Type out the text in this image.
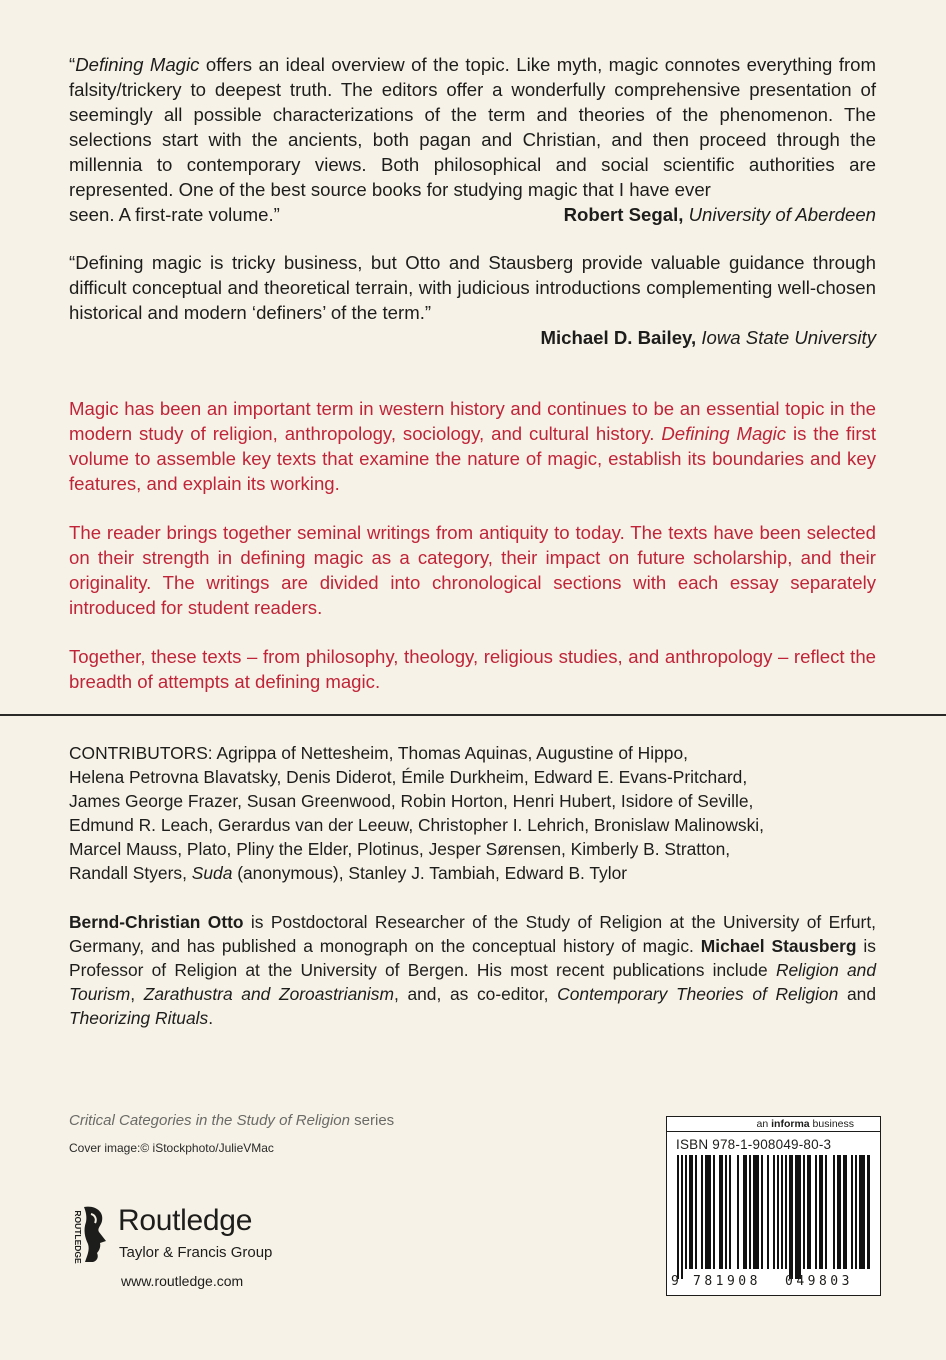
“Defining Magic offers an ideal overview of the topic. Like myth, magic connotes everything from falsity/trickery to deepest truth. The editors offer a wonderfully comprehensive presentation of seemingly all possible characterizations of the term and theories of the phenomenon. The selections start with the ancients, both pagan and Christian, and then proceed through the millennia to contemporary views. Both philosophical and social scientific authorities are represented. One of the best source books for studying magic that I have ever

seen. A first-rate volume.”	Robert Segal, University of Aberdeen

“Defining magic is tricky business, but Otto and Stausberg provide valuable guidance through difficult conceptual and theoretical terrain, with judicious introductions complementing well-chosen historical and modern ‘definers’ of the term.”

Michael D. Bailey, Iowa State University

Magic has been an important term in western history and continues to be an essential topic in the modern study of religion, anthropology, sociology, and cultural history. Defining Magic is the first volume to assemble key texts that examine the nature of magic, establish its boundaries and key features, and explain its working.

The reader brings together seminal writings from antiquity to today. The texts have been selected on their strength in defining magic as a category, their impact on future scholarship, and their originality. The writings are divided into chronological sections with each essay separately introduced for student readers.

Together, these texts – from philosophy, theology, religious studies, and anthropology – reflect the breadth of attempts at defining magic.

CONTRIBUTORS: Agrippa of Nettesheim, Thomas Aquinas, Augustine of Hippo,
Helena Petrovna Blavatsky, Denis Diderot, Émile Durkheim, Edward E. Evans-Pritchard,
James George Frazer, Susan Greenwood, Robin Horton, Henri Hubert, Isidore of Seville,
Edmund R. Leach, Gerardus van der Leeuw, Christopher I. Lehrich, Bronislaw Malinowski,
Marcel Mauss, Plato, Pliny the Elder, Plotinus, Jesper Sørensen, Kimberly B. Stratton,
Randall Styers, Suda (anonymous), Stanley J. Tambiah, Edward B. Tylor

Bernd-Christian Otto is Postdoctoral Researcher of the Study of Religion at the University of Erfurt, Germany, and has published a monograph on the conceptual history of magic. Michael Stausberg is Professor of Religion at the University of Bergen. His most recent publications include Religion and Tourism, Zarathustra and Zoroastrianism, and, as co-editor, Contemporary Theories of Religion and Theorizing Rituals.

Critical Categories in the Study of Religion series
Cover image:© iStockphoto/JulieVMac
ROUTLEDGE Routledge
Taylor & Francis Group
www.routledge.com
an informa business
ISBN 978-1-908049-80-3
9 781908 049803
